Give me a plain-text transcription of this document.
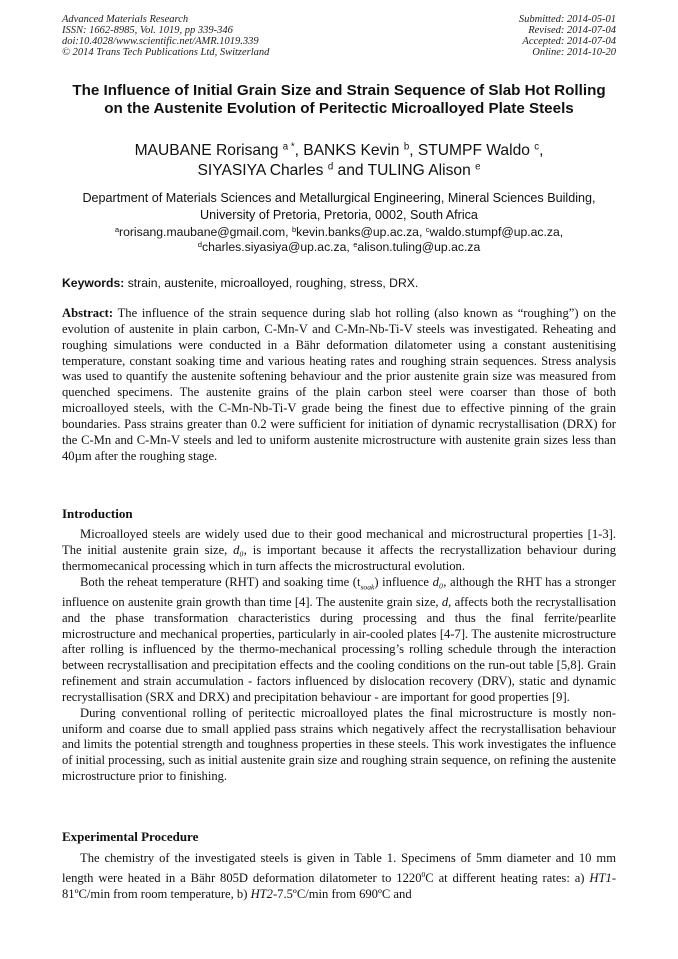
Advanced Materials Research
ISSN: 1662-8985, Vol. 1019, pp 339-346
doi:10.4028/www.scientific.net/AMR.1019.339
© 2014 Trans Tech Publications Ltd, Switzerland
Submitted: 2014-05-01
Revised: 2014-07-04
Accepted: 2014-07-04
Online: 2014-10-20
The Influence of Initial Grain Size and Strain Sequence of Slab Hot Rolling on the Austenite Evolution of Peritectic Microalloyed Plate Steels
MAUBANE Rorisang $^{a *}$, BANKS Kevin $^b$, STUMPF Waldo $^c$,
SIYASIYA Charles $^d$ and TULING Alison $^e$
Department of Materials Sciences and Metallurgical Engineering, Mineral Sciences Building,
University of Pretoria, Pretoria, 0002, South Africa
$^a$rorisang.maubane@gmail.com, $^b$kevin.banks@up.ac.za, $^c$waldo.stumpf@up.ac.za,
$^d$charles.siyasiya@up.ac.za, $^e$alison.tuling@up.ac.za
Keywords: strain, austenite, microalloyed, roughing, stress, DRX.
Abstract: The influence of the strain sequence during slab hot rolling (also known as “roughing”) on the evolution of austenite in plain carbon, C-Mn-V and C-Mn-Nb-Ti-V steels was investigated. Reheating and roughing simulations were conducted in a Bähr deformation dilatometer using a constant austenitising temperature, constant soaking time and various heating rates and roughing strain sequences. Stress analysis was used to quantify the austenite softening behaviour and the prior austenite grain size was measured from quenched specimens. The austenite grains of the plain carbon steel were coarser than those of both microalloyed steels, with the C-Mn-Nb-Ti-V grade being the finest due to effective pinning of the grain boundaries. Pass strains greater than 0.2 were sufficient for initiation of dynamic recrystallisation (DRX) for the C-Mn and C-Mn-V steels and led to uniform austenite microstructure with austenite grain sizes less than 40µm after the roughing stage.
Introduction

Microalloyed steels are widely used due to their good mechanical and microstructural properties [1-3]. The initial austenite grain size, d₀, is important because it affects the recrystallization behaviour during thermomecanical processing which in turn affects the microstructural evolution.

Both the reheat temperature (RHT) and soaking time $(t_{soak})$ influence d₀, although the RHT has a stronger influence on austenite grain growth than time [4]. The austenite grain size, d, affects both the recrystallisation and the phase transformation characteristics during processing and thus the final ferrite/pearlite microstructure and mechanical properties, particularly in air-cooled plates [4-7]. The austenite microstructure after rolling is influenced by the thermo-mechanical processing’s rolling schedule through the interaction between recrystallisation and precipitation effects and the cooling conditions on the run-out table [5,8]. Grain refinement and strain accumulation - factors influenced by dislocation recovery (DRV), static and dynamic recrystallisation (SRX and DRX) and precipitation behaviour - are important for good properties [9].

During conventional rolling of peritectic microalloyed plates the final microstructure is mostly non-uniform and coarse due to small applied pass strains which negatively affect the recrystallisation behaviour and limits the potential strength and toughness properties in these steels. This work investigates the influence of initial processing, such as initial austenite grain size and roughing strain sequence, on refining the austenite microstructure prior to finishing.

Experimental Procedure

The chemistry of the investigated steels is given in Table 1. Specimens of 5mm diameter and 10 mm length were heated in a Bähr 805D deformation dilatometer to 1220$^0$C at different heating rates: a) HT1-81ºC/min from room temperature, b) HT2-7.5ºC/min from 690ºC and
